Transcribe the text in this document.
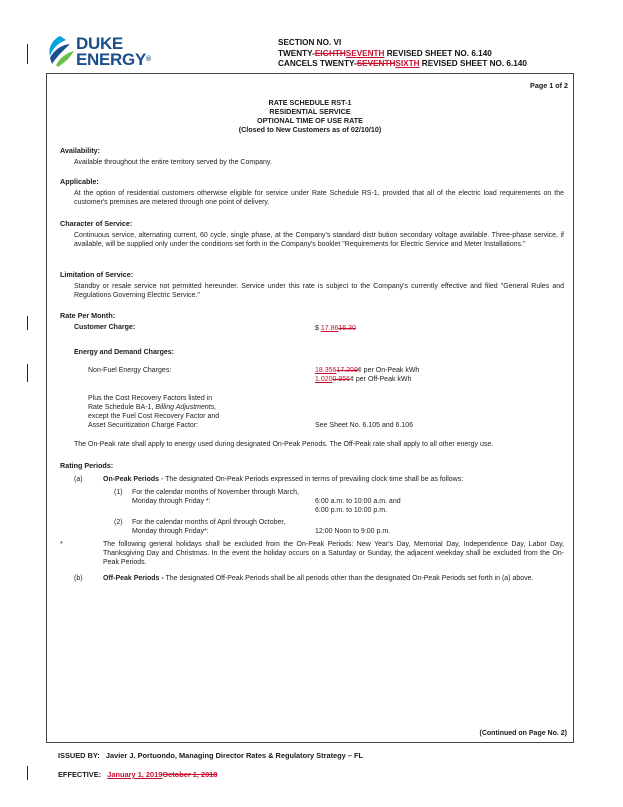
DUKE
ENERGY®
SECTION NO. VI
TWENTY-EIGHTHSEVENTH REVISED SHEET NO. 6.140
CANCELS TWENTY-SEVENTHSIXTH REVISED SHEET NO. 6.140
Page 1 of 2
RATE SCHEDULE RST-1
RESIDENTIAL SERVICE
OPTIONAL TIME OF USE RATE
(Closed to New Customers as of 02/10/10)
Availability:
Available throughout the entire territory served by the Company.
Applicable:
At the option of residential customers otherwise eligible for service under Rate Schedule RS-1, provided that all of the electric load requirements on the customer's premises are metered through one point of delivery.
Character of Service:
Continuous service, alternating current, 60 cycle, single phase, at the Company's standard distr bution secondary voltage available. Three-phase service, if available, will be supplied only under the conditions set forth in the Company's booklet "Requirements for Electric Service and Meter Installations."
Limitation of Service:
Standby or resale service not permitted hereunder. Service under this rate is subject to the Company's currently effective and filed "General Rules and Regulations Governing Electric Service."
Rate Per Month:
Customer Charge:	$ 17.8616.30
Energy and Demand Charges:
Non-Fuel Energy Charges:	18.35617.209¢ per On-Peak kWh
1.0200.956¢ per Off-Peak kWh
Plus the Cost Recovery Factors listed in
Rate Schedule BA-1, Billing Adjustments,
except the Fuel Cost Recovery Factor and
Asset Securitization Charge Factor:	See Sheet No. 6.105 and 6.106
The On-Peak rate shall apply to energy used during designated On-Peak Periods. The Off-Peak rate shall apply to all other energy use.
Rating Periods:
(a)	On-Peak Periods - The designated On-Peak Periods expressed in terms of prevailing clock time shall be as follows:
(1) For the calendar months of November through March,
Monday through Friday *:	6:00 a.m. to 10:00 a.m. and
6:00 p.m. to 10:00 p.m.
(2) For the calendar months of April through October,
Monday through Friday*:	12:00 Noon to 9:00 p.m.
*	The following general holidays shall be excluded from the On-Peak Periods: New Year's Day, Memorial Day, Independence Day, Labor Day, Thanksgiving Day and Christmas. In the event the holiday occurs on a Saturday or Sunday, the adjacent weekday shall be excluded from the On-Peak Periods.
(b)	Off-Peak Periods - The designated Off-Peak Periods shall be all periods other than the designated On-Peak Periods set forth in (a) above.
(Continued on Page No. 2)
ISSUED BY: Javier J. Portuondo, Managing Director Rates & Regulatory Strategy – FL
EFFECTIVE: January 1, 2019October 1, 2018
